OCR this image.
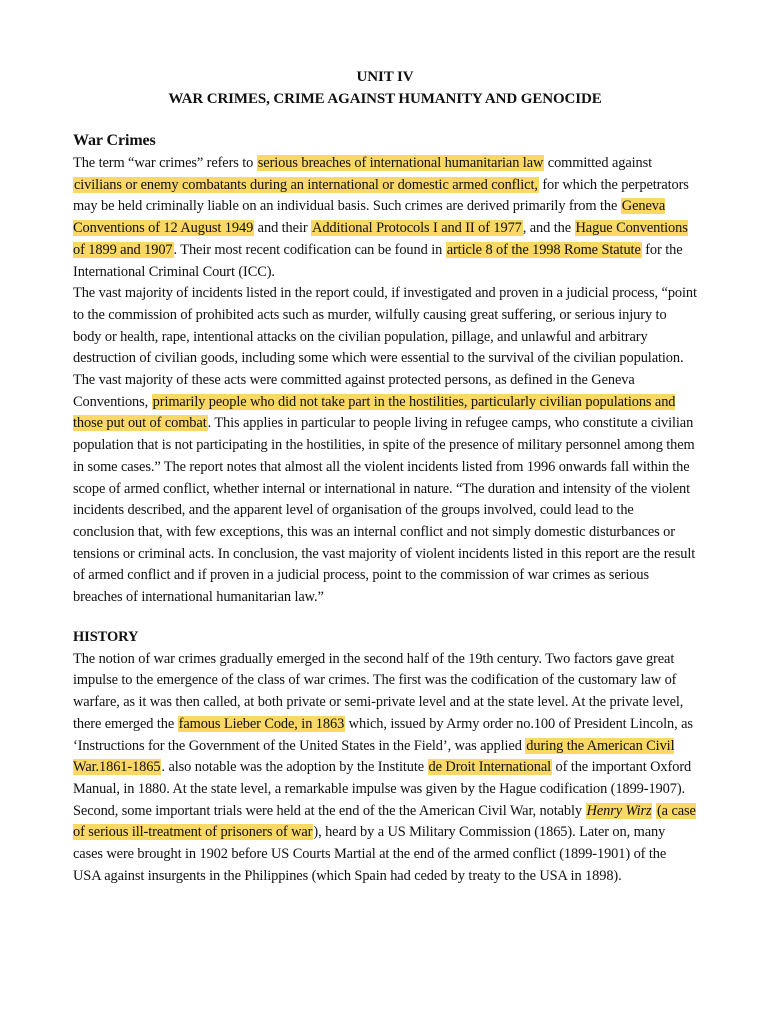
UNIT IV
WAR CRIMES, CRIME AGAINST HUMANITY AND GENOCIDE
War Crimes

The term “war crimes” refers to serious breaches of international humanitarian law committed against civilians or enemy combatants during an international or domestic armed conflict, for which the perpetrators may be held criminally liable on an individual basis. Such crimes are derived primarily from the Geneva Conventions of 12 August 1949 and their Additional Protocols I and II of 1977, and the Hague Conventions of 1899 and 1907. Their most recent codification can be found in article 8 of the 1998 Rome Statute for the International Criminal Court (ICC).

The vast majority of incidents listed in the report could, if investigated and proven in a judicial process, “point to the commission of prohibited acts such as murder, wilfully causing great suffering, or serious injury to body or health, rape, intentional attacks on the civilian population, pillage, and unlawful and arbitrary destruction of civilian goods, including some which were essential to the survival of the civilian population. The vast majority of these acts were committed against protected persons, as defined in the Geneva Conventions, primarily people who did not take part in the hostilities, particularly civilian populations and those put out of combat. This applies in particular to people living in refugee camps, who constitute a civilian population that is not participating in the hostilities, in spite of the presence of military personnel among them in some cases.” The report notes that almost all the violent incidents listed from 1996 onwards fall within the scope of armed conflict, whether internal or international in nature. “The duration and intensity of the violent incidents described, and the apparent level of organisation of the groups involved, could lead to the conclusion that, with few exceptions, this was an internal conflict and not simply domestic disturbances or tensions or criminal acts. In conclusion, the vast majority of violent incidents listed in this report are the result of armed conflict and if proven in a judicial process, point to the commission of war crimes as serious breaches of international humanitarian law.”

HISTORY

The notion of war crimes gradually emerged in the second half of the 19th century. Two factors gave great impulse to the emergence of the class of war crimes. The first was the codification of the customary law of warfare, as it was then called, at both private or semi-private level and at the state level. At the private level, there emerged the famous Lieber Code, in 1863 which, issued by Army order no.100 of President Lincoln, as ‘Instructions for the Government of the United States in the Field’, was applied during the American Civil War.1861-1865. also notable was the adoption by the Institute de Droit International of the important Oxford Manual, in 1880. At the state level, a remarkable impulse was given by the Hague codification (1899-1907). Second, some important trials were held at the end of the the American Civil War, notably Henry Wirz (a case of serious ill-treatment of prisoners of war), heard by a US Military Commission (1865). Later on, many cases were brought in 1902 before US Courts Martial at the end of the armed conflict (1899-1901) of the USA against insurgents in the Philippines (which Spain had ceded by treaty to the USA in 1898).
